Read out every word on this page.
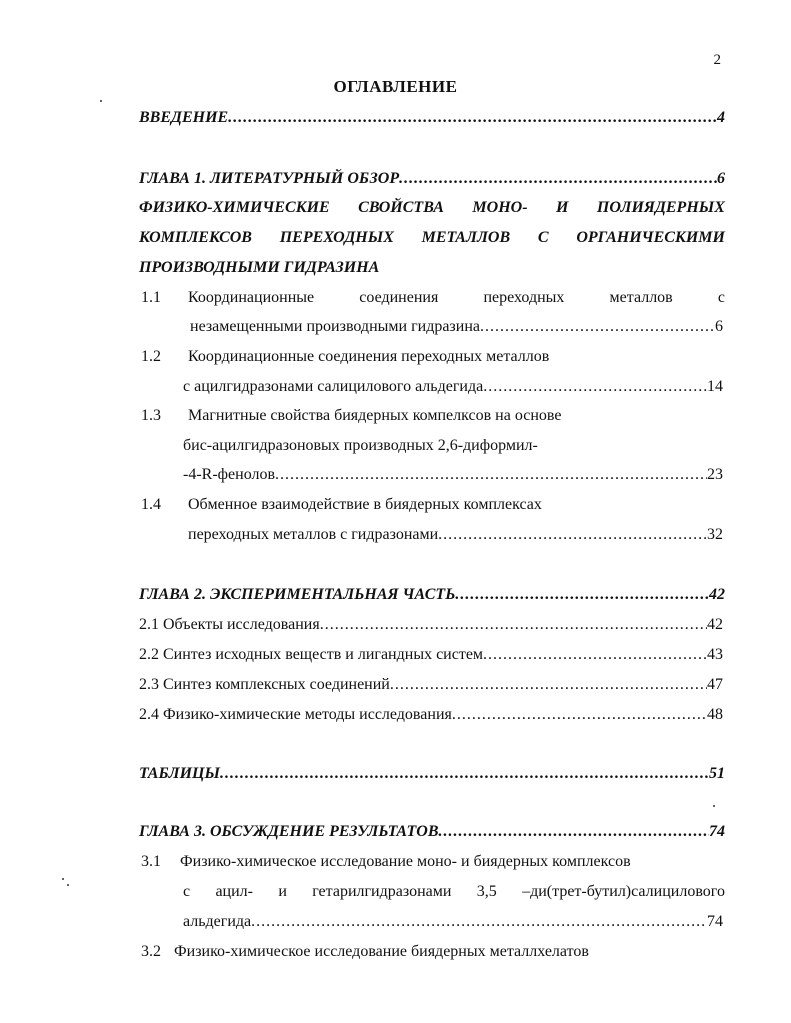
2
ОГЛАВЛЕНИЕ
ВВЕДЕНИЕ .....	4
ГЛАВА 1. ЛИТЕРАТУРНЫЙ ОБЗОР .....	6
ФИЗИКО-ХИМИЧЕСКИЕ СВОЙСТВА МОНО- И ПОЛИЯДЕРНЫХ
КОМПЛЕКСОВ ПЕРЕХОДНЫХ МЕТАЛЛОВ С ОРГАНИЧЕСКИМИ
ПРОИЗВОДНЫМИ ГИДРАЗИНА
1.1 Координационные	соединения	переходных	металлов	с
незамещенными производными гидразина .....	6
1.2 Координационные соединения переходных металлов
с ацилгидразонами салицилового альдегида .....	14
1.3 Магнитные свойства биядерных компелксов на основе
бис-ацилгидразоновых производных 2,6-диформил-
-4-R-фенолов .....	23
1.4 Обменное взаимодействие в биядерных комплексах
переходных металлов с гидразонами .....	32
ГЛАВА 2. ЭКСПЕРИМЕНТАЛЬНАЯ ЧАСТЬ .....	42
2.1 Объекты исследования .....	42
2.2 Синтез исходных веществ и лигандных систем .....	43
2.3 Синтез комплексных соединений .....	47
2.4 Физико-химические методы исследования .....	48
ТАБЛИЦЫ .....	51
ГЛАВА 3. ОБСУЖДЕНИЕ РЕЗУЛЬТАТОВ .....	74
3.1 Физико-химическое исследование моно- и биядерных комплексов
с ацил- и гетарилгидразонами 3,5 –ди(трет-бутил)салицилового
альдегида .....	74
3.2 Физико-химическое исследование биядерных металлхелатов
